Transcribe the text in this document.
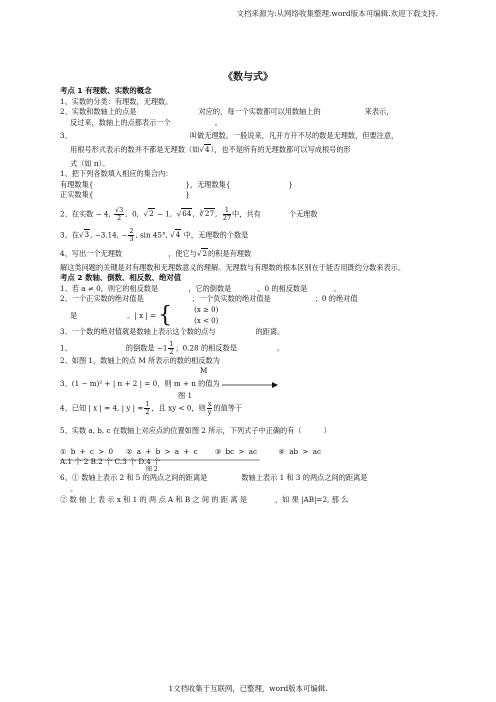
文档来源为:从网络收集整理.word版本可编辑.欢迎下载支持.
《数与式》

考点 1 有理数、实数的概念

1、实数的分类：有理数，无理数。

2、实数和数轴上的点是	对应的，每一个实数都可以用数轴上的	来表示，

反过来，数轴上的点都表示一个	。

3、	叫做无理数。一般说来，凡开方开不尽的数是无理数，但要注意，

用根号形式表示的数并不都是无理数（如√4），也不是所有的无理数都可以写成根号的形

式（如 π）。

1、把下列各数填入相应的集合内：

有理数集{	}，无理数集{	}

正实数集{	}

2、在实数 − 4, $\frac{√3}{2}$ ,  0,  √2 − 1,  √64,  ∛27, $\frac{1}{27}$ 中，共有	个无理数

3、在√3, −3.14, − $\frac{2}{3}$ , sin 45°, √4 中，无理数的个数是

4、写出一个无理数	，使它与√2的积是有理数

解这类问题的关键是对有理数和无理数意义的理解。无理数与有理数的根本区别在于能否用既约分数来表示。

考点 2 数轴、倒数、相反数、绝对值

1、若 a ≠ 0，则它的相反数是	，它的倒数是	。0 的相反数是	。

2、一个正实数的绝对值是	；一个负实数的绝对值是	；0 的绝对值

是	。| x | = {	(x ≥ 0)
(x < 0)

3、一个数的绝对值就是数轴上表示这个数的点与	的距离。

1、	的倒数是 $-1 \frac{1}{2}$ ；0.28 的相反数是	。

2、如图 1，数轴上的点 M 所表示的数的相反数为

M

3、(1 − m)² + | n + 2 | = 0，则 m + n 的值为

图 1

4、已知 | x | = 4, | y | = $\frac{1}{2}$ ，且 xy < 0，则 $\frac{x}{y}$ 的值等于

5、实数 a, b, c 在数轴上对应点的位置如图 2 所示，下列式子中正确的有（	）

① b + c > 0 ② a + b > a + c ③ bc > ac	④ ab > ac

A.1 个 2 B.2 个 C.3 个 D.4 个

图 2

6、① 数轴上表示 2 和 5 的两点之间的距离是	数轴上表示 1 和 3 的两点之间的距离是

。

② 数 轴 上 表 示 x 和 1 的 两 点 A 和 B 之 间 的 距 离 是	，如 果 |AB|=2, 那 么

1文档收集于互联网，已整理，word版本可编辑.
